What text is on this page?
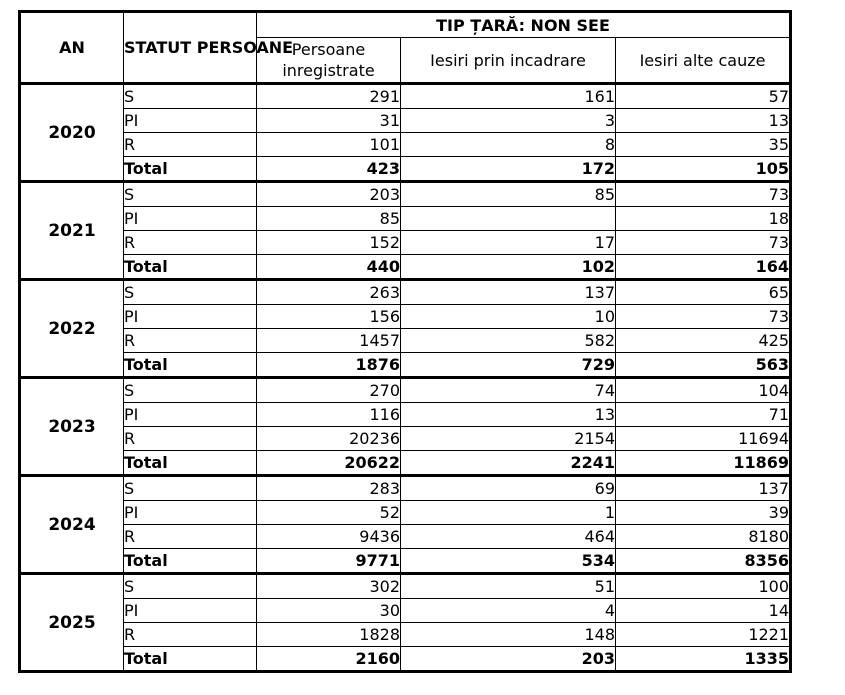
AN	STATUT PERSOANE	TIP ȚARĂ: NON SEE		
		Persoane inregistrate	Iesiri prin incadrare	Iesiri alte cauze
2020	S	291	161	57
	PI	31	3	13
	R	101	8	35
	Total	423	172	105
2021	S	203	85	73
	PI	85		18
	R	152	17	73
	Total	440	102	164
2022	S	263	137	65
	PI	156	10	73
	R	1457	582	425
	Total	1876	729	563
2023	S	270	74	104
	PI	116	13	71
	R	20236	2154	11694
	Total	20622	2241	11869
2024	S	283	69	137
	PI	52	1	39
	R	9436	464	8180
	Total	9771	534	8356
2025	S	302	51	100
	PI	30	4	14
	R	1828	148	1221
	Total	2160	203	1335
